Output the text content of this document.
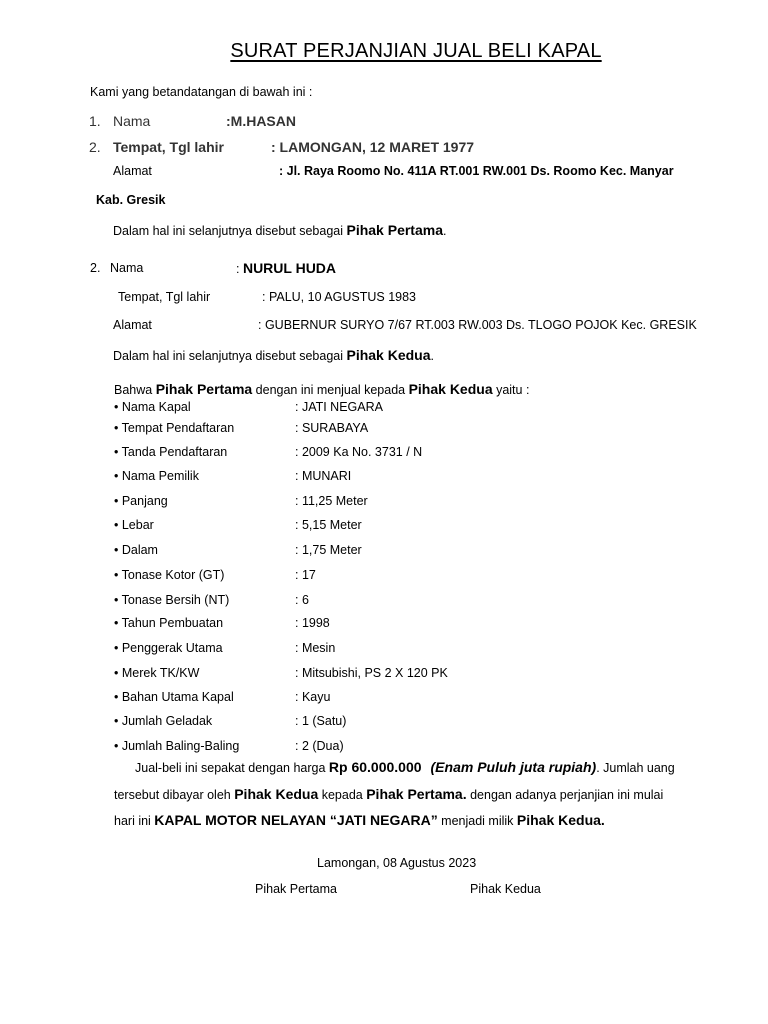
SURAT PERJANJIAN JUAL BELI KAPAL
Kami yang betandatangan di bawah ini :
1. Nama	:M.HASAN
2. Tempat, Tgl lahir	: LAMONGAN, 12 MARET 1977
Alamat	: Jl. Raya Roomo No. 411A RT.001 RW.001 Ds. Roomo Kec. Manyar
Kab. Gresik
Dalam hal ini selanjutnya disebut sebagai Pihak Pertama.
2. Nama	: NURUL HUDA
Tempat, Tgl lahir	: PALU, 10 AGUSTUS 1983
Alamat	: GUBERNUR SURYO 7/67 RT.003 RW.003 Ds. TLOGO POJOK Kec. GRESIK
Dalam hal ini selanjutnya disebut sebagai Pihak Kedua.
Bahwa Pihak Pertama dengan ini menjual kepada Pihak Kedua yaitu :
• Nama Kapal	: JATI NEGARA
• Tempat Pendaftaran	: SURABAYA
• Tanda Pendaftaran	: 2009 Ka No. 3731 / N
• Nama Pemilik	: MUNARI
• Panjang	: 11,25 Meter
• Lebar	: 5,15 Meter
• Dalam	: 1,75 Meter
• Tonase Kotor (GT)	: 17
• Tonase Bersih (NT)	: 6
• Tahun Pembuatan	: 1998
• Penggerak Utama	: Mesin
• Merek TK/KW	: Mitsubishi, PS 2 X 120 PK
• Bahan Utama Kapal	: Kayu
• Jumlah Geladak	: 1 (Satu)
• Jumlah Baling-Baling	: 2 (Dua)
Jual-beli ini sepakat dengan harga Rp 60.000.000 (Enam Puluh juta rupiah). Jumlah uang
tersebut dibayar oleh Pihak Kedua kepada Pihak Pertama. dengan adanya perjanjian ini mulai
hari ini KAPAL MOTOR NELAYAN “JATI NEGARA” menjadi milik Pihak Kedua.
Lamongan, 08 Agustus 2023
Pihak Pertama	Pihak Kedua
